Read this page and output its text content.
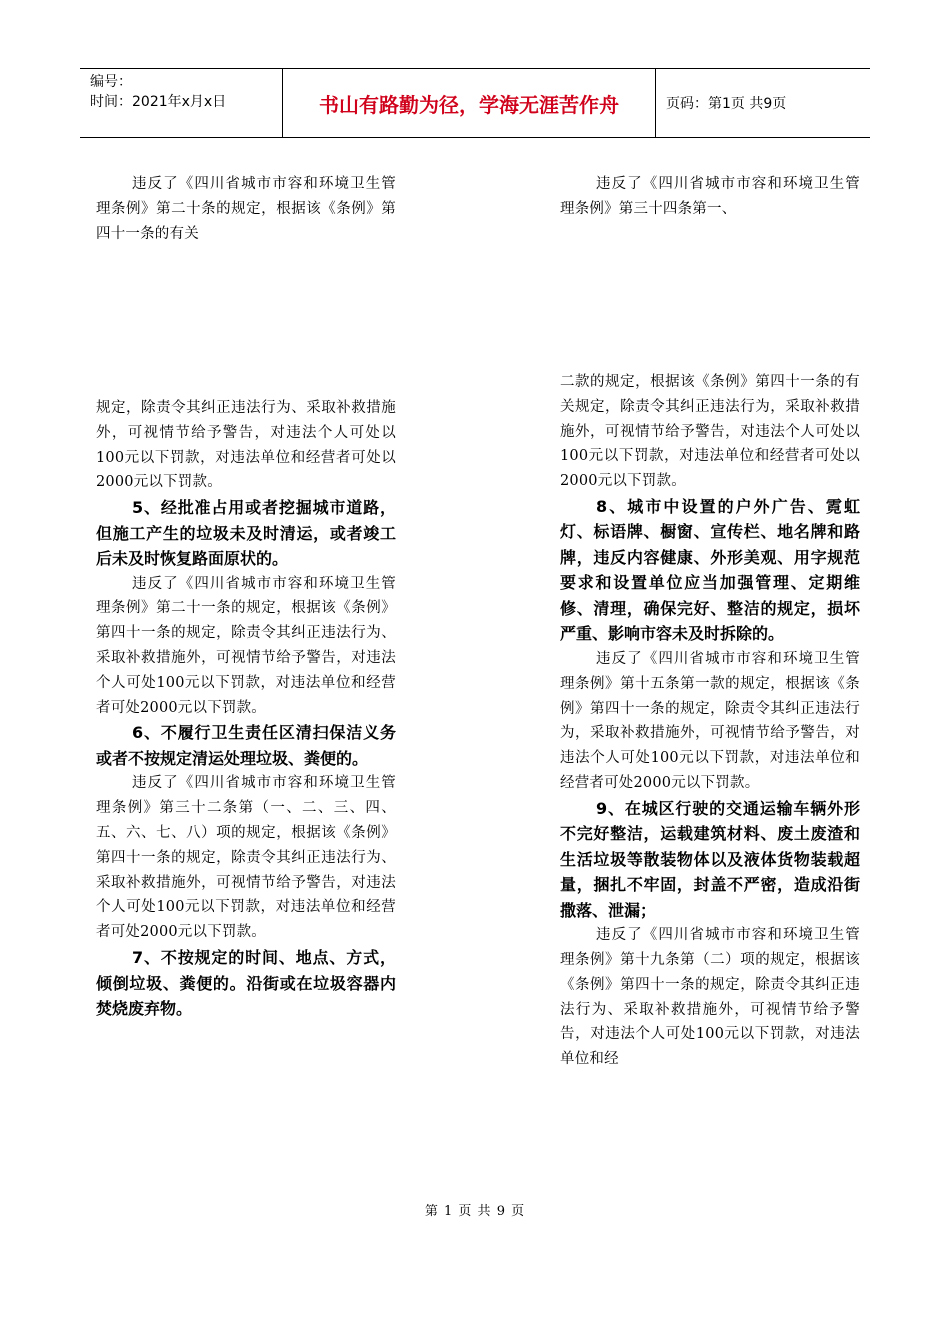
编号：
时间：2021年x月x日	书山有路勤为径，学海无涯苦作舟	页码：第1页 共9页

违反了《四川省城市市容和环境卫生管理条例》第二十条的规定，根据该《条例》第四十一条的有关

规定，除责令其纠正违法行为、采取补救措施外，可视情节给予警告，对违法个人可处以100元以下罚款，对违法单位和经营者可处以2000元以下罚款。

5、经批准占用或者挖掘城市道路，但施工产生的垃圾未及时清运，或者竣工后未及时恢复路面原状的。

违反了《四川省城市市容和环境卫生管理条例》第二十一条的规定，根据该《条例》第四十一条的规定，除责令其纠正违法行为、采取补救措施外，可视情节给予警告，对违法个人可处100元以下罚款，对违法单位和经营者可处2000元以下罚款。

6、不履行卫生责任区清扫保洁义务或者不按规定清运处理垃圾、粪便的。

违反了《四川省城市市容和环境卫生管理条例》第三十二条第（一、二、三、四、五、六、七、八）项的规定，根据该《条例》第四十一条的规定，除责令其纠正违法行为、采取补救措施外，可视情节给予警告，对违法个人可处100元以下罚款，对违法单位和经营者可处2000元以下罚款。

7、不按规定的时间、地点、方式，倾倒垃圾、粪便的。沿街或在垃圾容器内焚烧废弃物。

违反了《四川省城市市容和环境卫生管理条例》第三十四条第一、

二款的规定，根据该《条例》第四十一条的有关规定，除责令其纠正违法行为，采取补救措施外，可视情节给予警告，对违法个人可处以100元以下罚款，对违法单位和经营者可处以2000元以下罚款。

8、城市中设置的户外广告、霓虹灯、标语牌、橱窗、宣传栏、地名牌和路牌，违反内容健康、外形美观、用字规范要求和设置单位应当加强管理、定期维修、清理，确保完好、整洁的规定，损坏严重、影响市容未及时拆除的。

违反了《四川省城市市容和环境卫生管理条例》第十五条第一款的规定，根据该《条例》第四十一条的规定，除责令其纠正违法行为，采取补救措施外，可视情节给予警告，对违法个人可处100元以下罚款，对违法单位和经营者可处2000元以下罚款。

9、在城区行驶的交通运输车辆外形不完好整洁，运载建筑材料、废土废渣和生活垃圾等散装物体以及液体货物装载超量，捆扎不牢固，封盖不严密，造成沿街撒落、泄漏；

违反了《四川省城市市容和环境卫生管理条例》第十九条第（二）项的规定，根据该《条例》第四十一条的规定，除责令其纠正违法行为、采取补救措施外，可视情节给予警告，对违法个人可处100元以下罚款，对违法单位和经

第 1 页 共 9 页
